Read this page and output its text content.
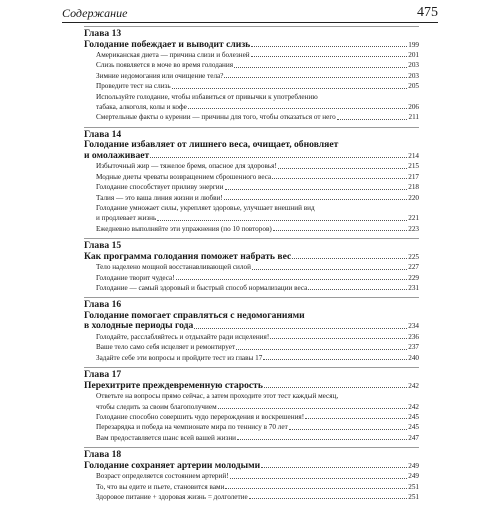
Содержание	475
Глава 13
Голодание побеждает и выводит слизь	199
Американская диета — причина слизи и болезней	201
Слизь появляется в мочe во время голодания	203
Зимние недомогания или очищение тела?	203
Проведите тест на слизь	205
Используйте голодание, чтобы избавиться от привычки к употреблению
табака, алкоголя, колы и кофе	206
Смертельные факты о курении — причины для того, чтобы отказаться от него	211
Глава 14
Голодание избавляет от лишнего веса, очищает, обновляет
и омолаживает	214
Избыточный жир — тяжелое бремя, опасное для здоровья!	215
Модные диеты чреваты возвращением сброшенного веса	217
Голодание способствует приливу энергии	218
Талия — это ваша линия жизни и любви!	220
Голодание умножает силы, укрепляет здоровье, улучшает внешний вид
и продлевает жизнь	221
Ежедневно выполняйте эти упражнения (по 10 повторов)	223
Глава 15
Как программа голодания поможет набрать вес	225
Тело наделено мощной восстанавливающей силой	227
Голодание творит чудеса!	229
Голодание — самый здоровый и быстрый способ нормализации веса	231
Глава 16
Голодание помогает справляться с недомоганиями
в холодные периоды года	234
Голодайте, расслабляйтесь и отдыхайте ради исцеления!	236
Ваше тело само себя исцеляет и ремонтирует	237
Задайте себе эти вопросы и пройдите тест из главы 17	240
Глава 17
Перехитрите преждевременную старость	242
Ответьте на вопросы прямо сейчас, а затем проходите этот тест каждый месяц,
чтобы следить за своим благополучием	242
Голодание способно совершить чудо перерождения и воскрешения!	245
Перезарядка и победа на чемпионате мира по теннису в 70 лет	245
Вам предоставляется шанс всей вашей жизни	247
Глава 18
Голодание сохраняет артерии молодыми	249
Возраст определяется состоянием артерий!	249
То, что вы едите и пьете, становится вами	251
Здоровое питание + здоровая жизнь = долголетие	251
